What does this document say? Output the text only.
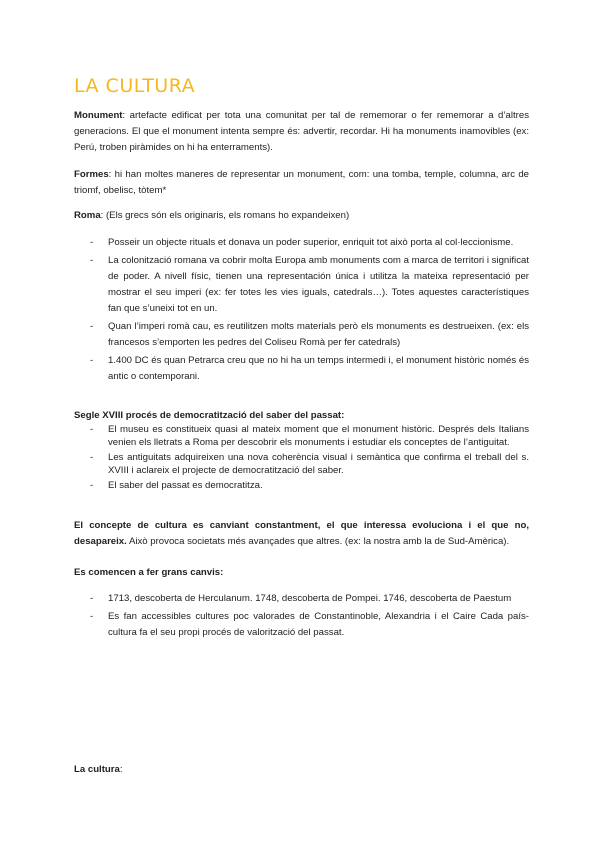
LA CULTURA

Monument: artefacte edificat per tota una comunitat per tal de rememorar o fer rememorar a d’altres generacions. El que el monument intenta sempre és: advertir, recordar. Hi ha monuments inamovibles (ex: Perú, troben piràmides on hi ha enterraments).

Formes: hi han moltes maneres de representar un monument, com: una tomba, temple, columna, arc de triomf, obelisc, tòtem*

Roma: (Els grecs són els originaris, els romans ho expandeixen)

- Posseir un objecte rituals et donava un poder superior, enriquit tot això porta al col·leccionisme.
- La colonització romana va cobrir molta Europa amb monuments com a marca de territori i significat de poder. A nivell físic, tienen una representación única i utilitza la mateixa representació per mostrar el seu imperi (ex: fer totes les vies iguals, catedrals…). Totes aquestes característiques fan que s’uneixi tot en un.
- Quan l’imperi romà cau, es reutilitzen molts materials però els monuments es destrueixen. (ex: els francesos s’emporten les pedres del Coliseu Romà per fer catedrals)
- 1.400 DC és quan Petrarca creu que no hi ha un temps intermedi i, el monument històric només és antic o contemporani.

Segle XVIII procés de democratització del saber del passat:

- El museu es constitueix quasi al mateix moment que el monument històric. Després dels Italians venien els lletrats a Roma per descobrir els monuments i estudiar els conceptes de l’antiguitat.
- Les antiguitats adquireixen una nova coherència visual i semàntica que confirma el treball del s. XVIII i aclareix el projecte de democratització del saber.
- El saber del passat es democratitza.

El concepte de cultura es canviant constantment, el que interessa evoluciona i el que no, desapareix. Això provoca societats més avançades que altres. (ex: la nostra amb la de Sud-Amèrica).

Es comencen a fer grans canvis:

- 1713, descoberta de Herculanum. 1748, descoberta de Pompei. 1746, descoberta de Paestum
- Es fan accessibles cultures poc valorades de Constantinoble, Alexandria i el Caire Cada país-cultura fa el seu propi procés de valorització del passat.

La cultura:
